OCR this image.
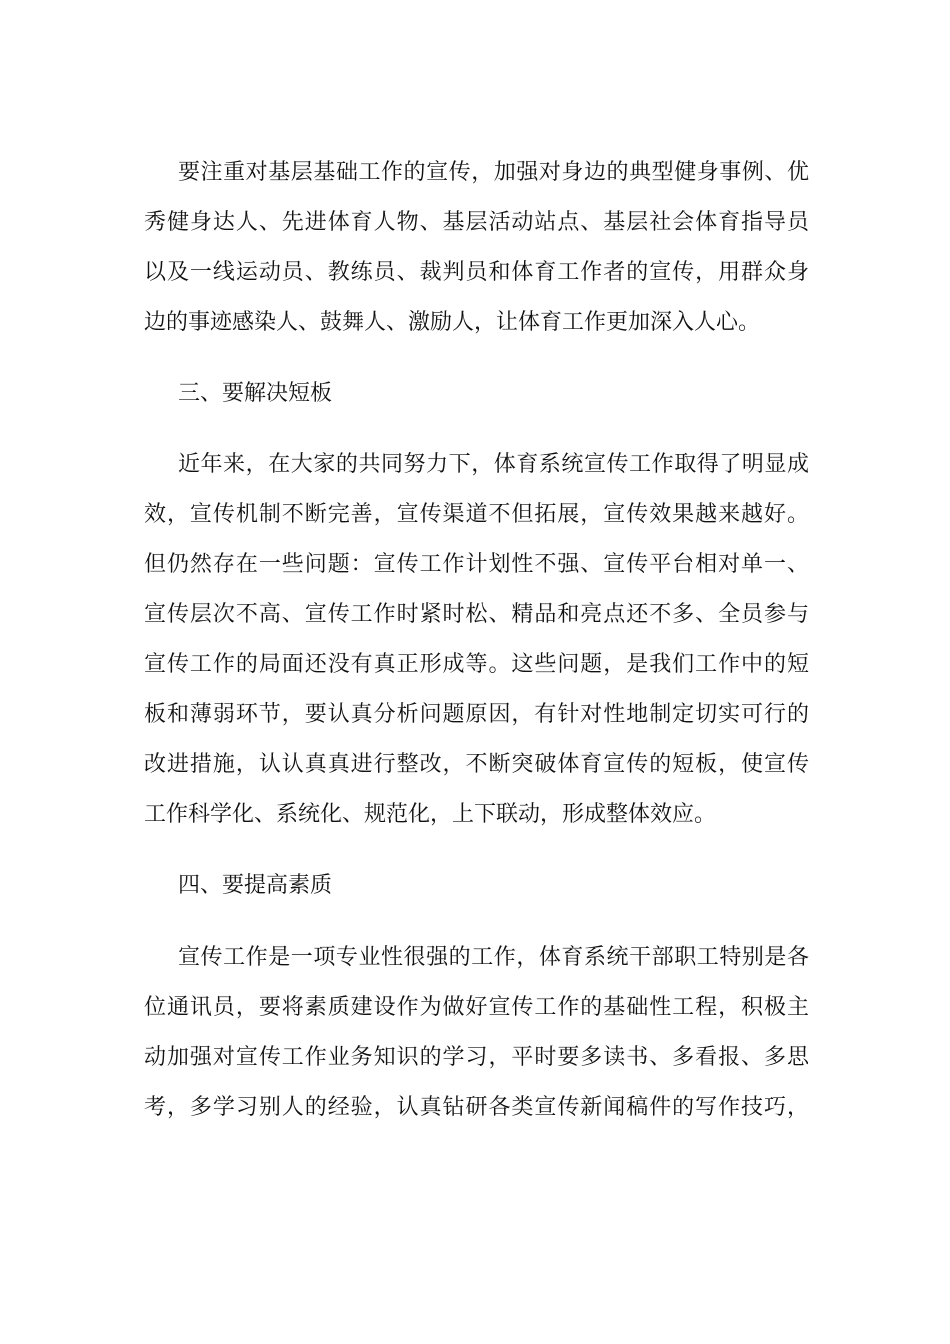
要注重对基层基础工作的宣传，加强对身边的典型健身事例、优
秀健身达人、先进体育人物、基层活动站点、基层社会体育指导员
以及一线运动员、教练员、裁判员和体育工作者的宣传，用群众身
边的事迹感染人、鼓舞人、激励人，让体育工作更加深入人心。
三、要解决短板
近年来，在大家的共同努力下，体育系统宣传工作取得了明显成
效，宣传机制不断完善，宣传渠道不但拓展，宣传效果越来越好。
但仍然存在一些问题：宣传工作计划性不强、宣传平台相对单一、
宣传层次不高、宣传工作时紧时松、精品和亮点还不多、全员参与
宣传工作的局面还没有真正形成等。这些问题，是我们工作中的短
板和薄弱环节，要认真分析问题原因，有针对性地制定切实可行的
改进措施，认认真真进行整改，不断突破体育宣传的短板，使宣传
工作科学化、系统化、规范化，上下联动，形成整体效应。
四、要提高素质
宣传工作是一项专业性很强的工作，体育系统干部职工特别是各
位通讯员，要将素质建设作为做好宣传工作的基础性工程，积极主
动加强对宣传工作业务知识的学习，平时要多读书、多看报、多思
考，多学习别人的经验，认真钻研各类宣传新闻稿件的写作技巧，
